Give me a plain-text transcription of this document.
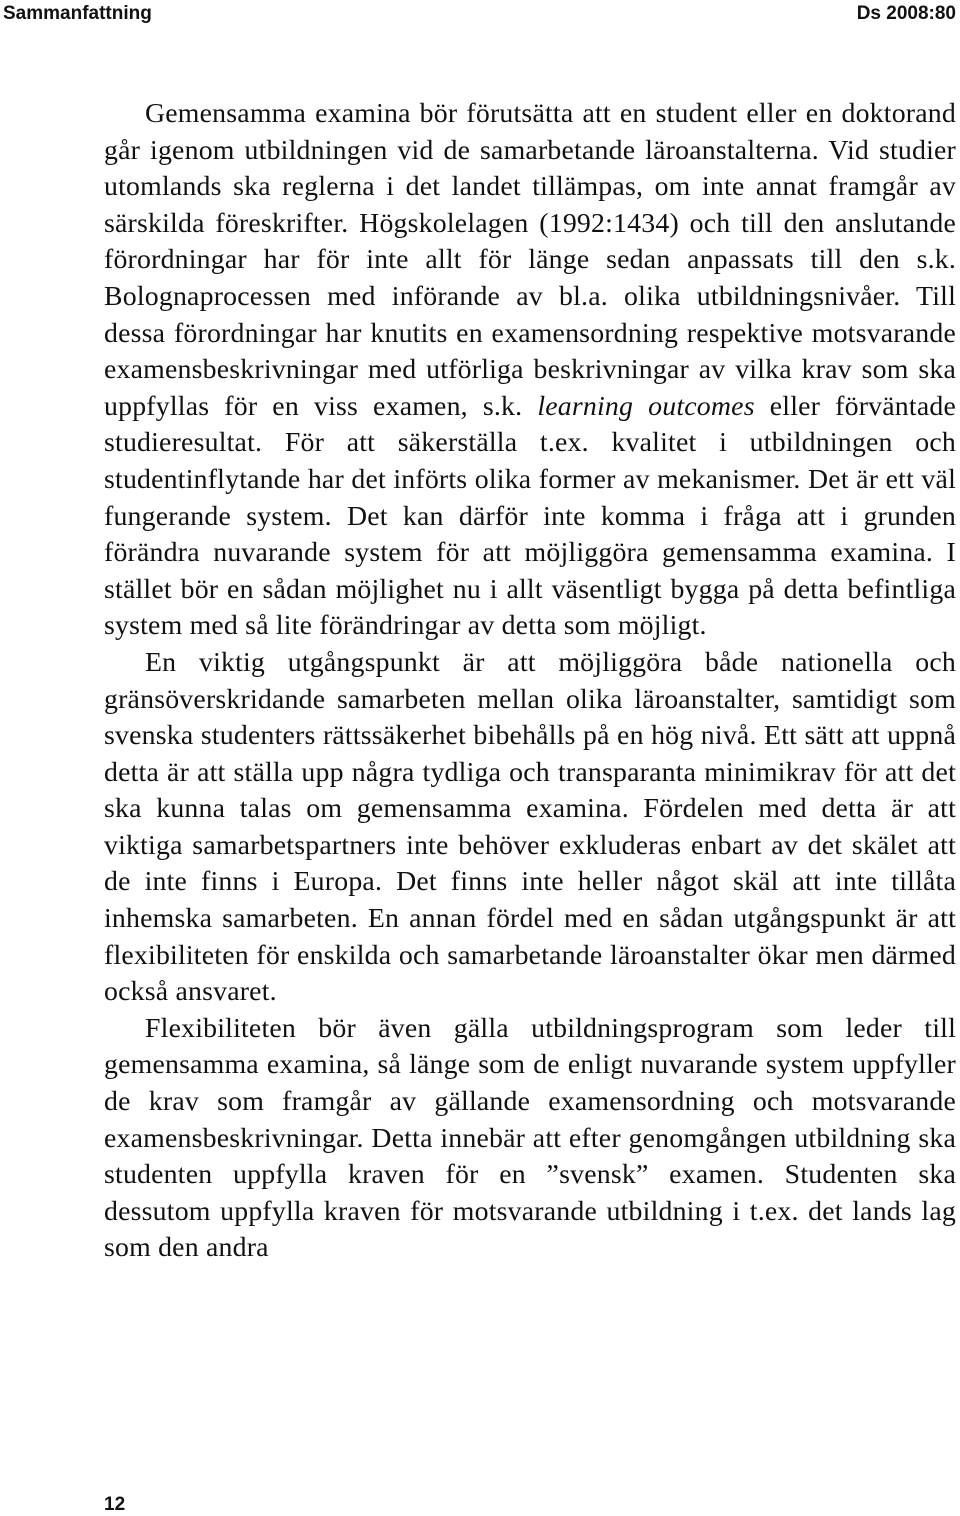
Sammanfattning	Ds 2008:80

Gemensamma examina bör förutsätta att en student eller en doktorand går igenom utbildningen vid de samarbetande läroanstalterna. Vid studier utomlands ska reglerna i det landet tillämpas, om inte annat framgår av särskilda föreskrifter. Högskolelagen (1992:1434) och till den anslutande förordningar har för inte allt för länge sedan anpassats till den s.k. Bolognaprocessen med införande av bl.a. olika utbildningsnivåer. Till dessa förordningar har knutits en examensordning respektive motsvarande examensbeskrivningar med utförliga beskrivningar av vilka krav som ska uppfyllas för en viss examen, s.k. learning outcomes eller förväntade studieresultat. För att säkerställa t.ex. kvalitet i utbildningen och studentinflytande har det införts olika former av mekanismer. Det är ett väl fungerande system. Det kan därför inte komma i fråga att i grunden förändra nuvarande system för att möjliggöra gemensamma examina. I stället bör en sådan möjlighet nu i allt väsentligt bygga på detta befintliga system med så lite förändringar av detta som möjligt.

En viktig utgångspunkt är att möjliggöra både nationella och gränsöverskridande samarbeten mellan olika läroanstalter, samtidigt som svenska studenters rättssäkerhet bibehålls på en hög nivå. Ett sätt att uppnå detta är att ställa upp några tydliga och transparanta minimikrav för att det ska kunna talas om gemensamma examina. Fördelen med detta är att viktiga samarbetspartners inte behöver exkluderas enbart av det skälet att de inte finns i Europa. Det finns inte heller något skäl att inte tillåta inhemska samarbeten. En annan fördel med en sådan utgångspunkt är att flexibiliteten för enskilda och samarbetande läroanstalter ökar men därmed också ansvaret.

Flexibiliteten bör även gälla utbildningsprogram som leder till gemensamma examina, så länge som de enligt nuvarande system uppfyller de krav som framgår av gällande examensordning och motsvarande examensbeskrivningar. Detta innebär att efter genomgången utbildning ska studenten uppfylla kraven för en ”svensk” examen. Studenten ska dessutom uppfylla kraven för motsvarande utbildning i t.ex. det lands lag som den andra

12
